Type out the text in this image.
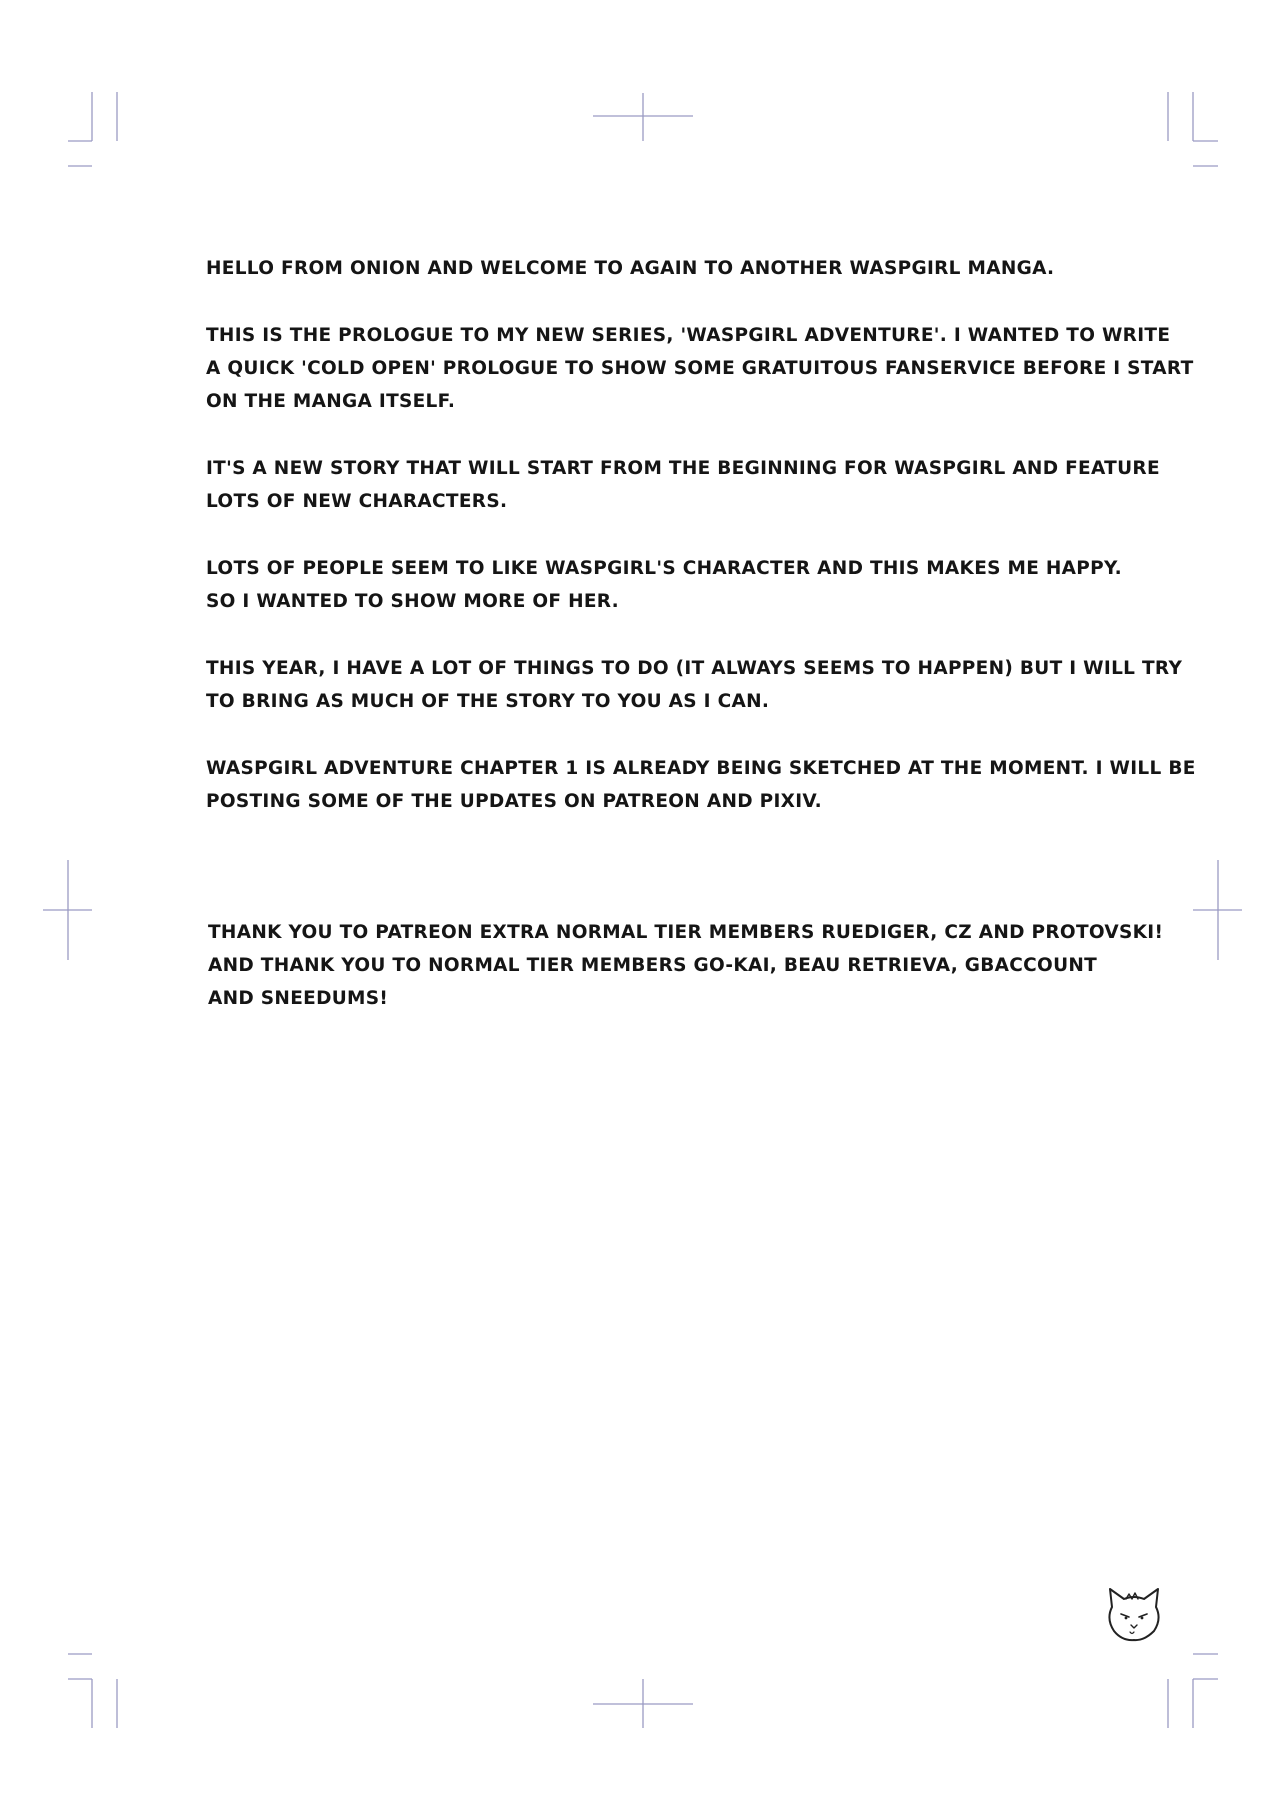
HELLO FROM ONION AND WELCOME TO AGAIN TO ANOTHER WASPGIRL MANGA.

THIS IS THE PROLOGUE TO MY NEW SERIES, 'WASPGIRL ADVENTURE'. I WANTED TO WRITE
A QUICK 'COLD OPEN' PROLOGUE TO SHOW SOME GRATUITOUS FANSERVICE BEFORE I START
ON THE MANGA ITSELF.

IT'S A NEW STORY THAT WILL START FROM THE BEGINNING FOR WASPGIRL AND FEATURE
LOTS OF NEW CHARACTERS.

LOTS OF PEOPLE SEEM TO LIKE WASPGIRL'S CHARACTER AND THIS MAKES ME HAPPY.
SO I WANTED TO SHOW MORE OF HER.

THIS YEAR, I HAVE A LOT OF THINGS TO DO (IT ALWAYS SEEMS TO HAPPEN) BUT I WILL TRY
TO BRING AS MUCH OF THE STORY TO YOU AS I CAN.

WASPGIRL ADVENTURE CHAPTER 1 IS ALREADY BEING SKETCHED AT THE MOMENT. I WILL BE
POSTING SOME OF THE UPDATES ON PATREON AND PIXIV.

THANK YOU TO PATREON EXTRA NORMAL TIER MEMBERS RUEDIGER, CZ AND PROTOVSKI!
AND THANK YOU TO NORMAL TIER MEMBERS GO-KAI, BEAU RETRIEVA, GBACCOUNT
AND SNEEDUMS!
